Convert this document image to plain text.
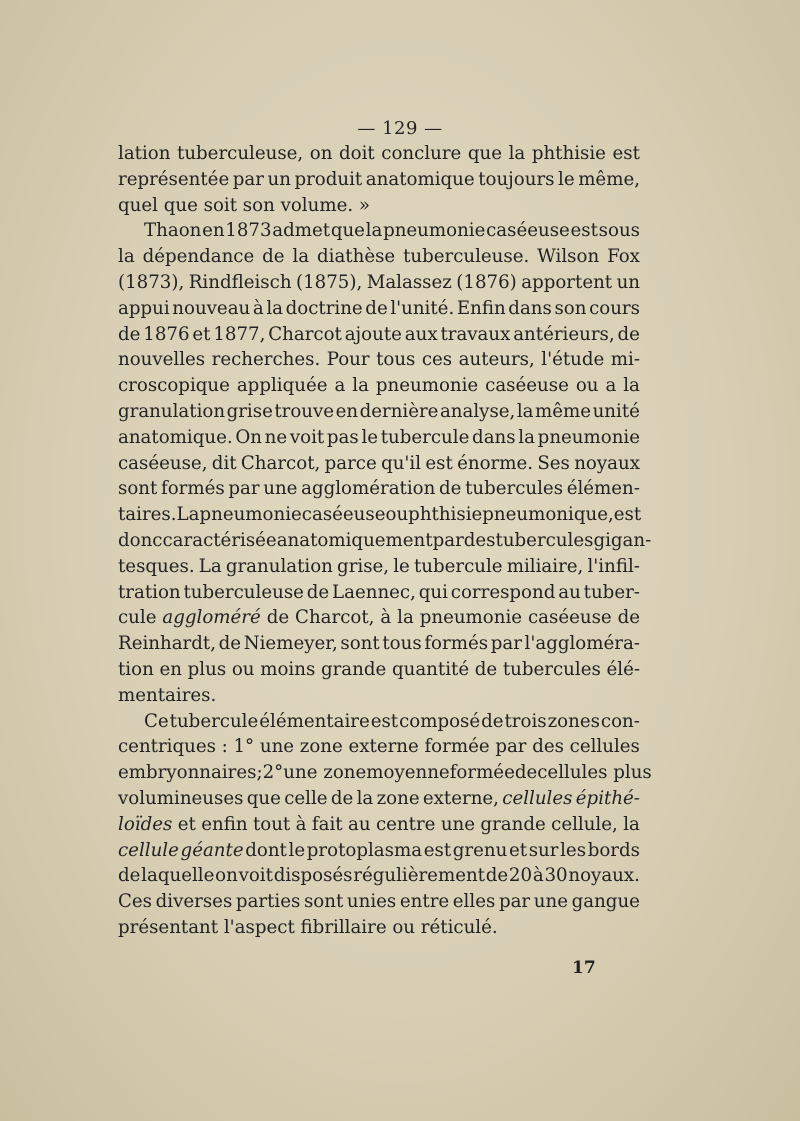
— 129 —
lation tuberculeuse, on doit conclure que la phthisie est
représentée par un produit anatomique toujours le même,
quel que soit son volume. »
Thaon en 1873 admet que la pneumonie caséeuse est sous
la dépendance de la diathèse tuberculeuse. Wilson Fox
(1873), Rindfleisch (1875), Malassez (1876) apportent un
appui nouveau à la doctrine de l'unité. Enfin dans son cours
de 1876 et 1877, Charcot ajoute aux travaux antérieurs, de
nouvelles recherches. Pour tous ces auteurs, l'étude mi-
croscopique appliquée a la pneumonie caséeuse ou a la
granulation grise trouve en dernière analyse, la même unité
anatomique. On ne voit pas le tubercule dans la pneumonie
caséeuse, dit Charcot, parce qu'il est énorme. Ses noyaux
sont formés par une agglomération de tubercules élémen-
taires. La pneumonie caséeuse ou phthisie pneumonique, est
donc caractérisée anatomiquement par des tubercules gigan-
tesques. La granulation grise, le tubercule miliaire, l'infil-
tration tuberculeuse de Laennec, qui correspond au tuber-
cule aggloméré de Charcot, à la pneumonie caséeuse de
Reinhardt, de Niemeyer, sont tous formés par l'aggloméra-
tion en plus ou moins grande quantité de tubercules élé-
mentaires.
Ce tubercule élémentaire est composé de trois zones con-
centriques : 1° une zone externe formée par des cellules
embryonnaires ; 2° une zone moyenne formée de cellules plus
volumineuses que celle de la zone externe, cellules épithé-
loïdes et enfin tout à fait au centre une grande cellule, la
cellule géante dont le protoplasma est grenu et sur les bords
de laquelle on voit disposés régulièrement de 20 à 30 noyaux.
Ces diverses parties sont unies entre elles par une gangue
présentant l'aspect fibrillaire ou réticulé.
17
